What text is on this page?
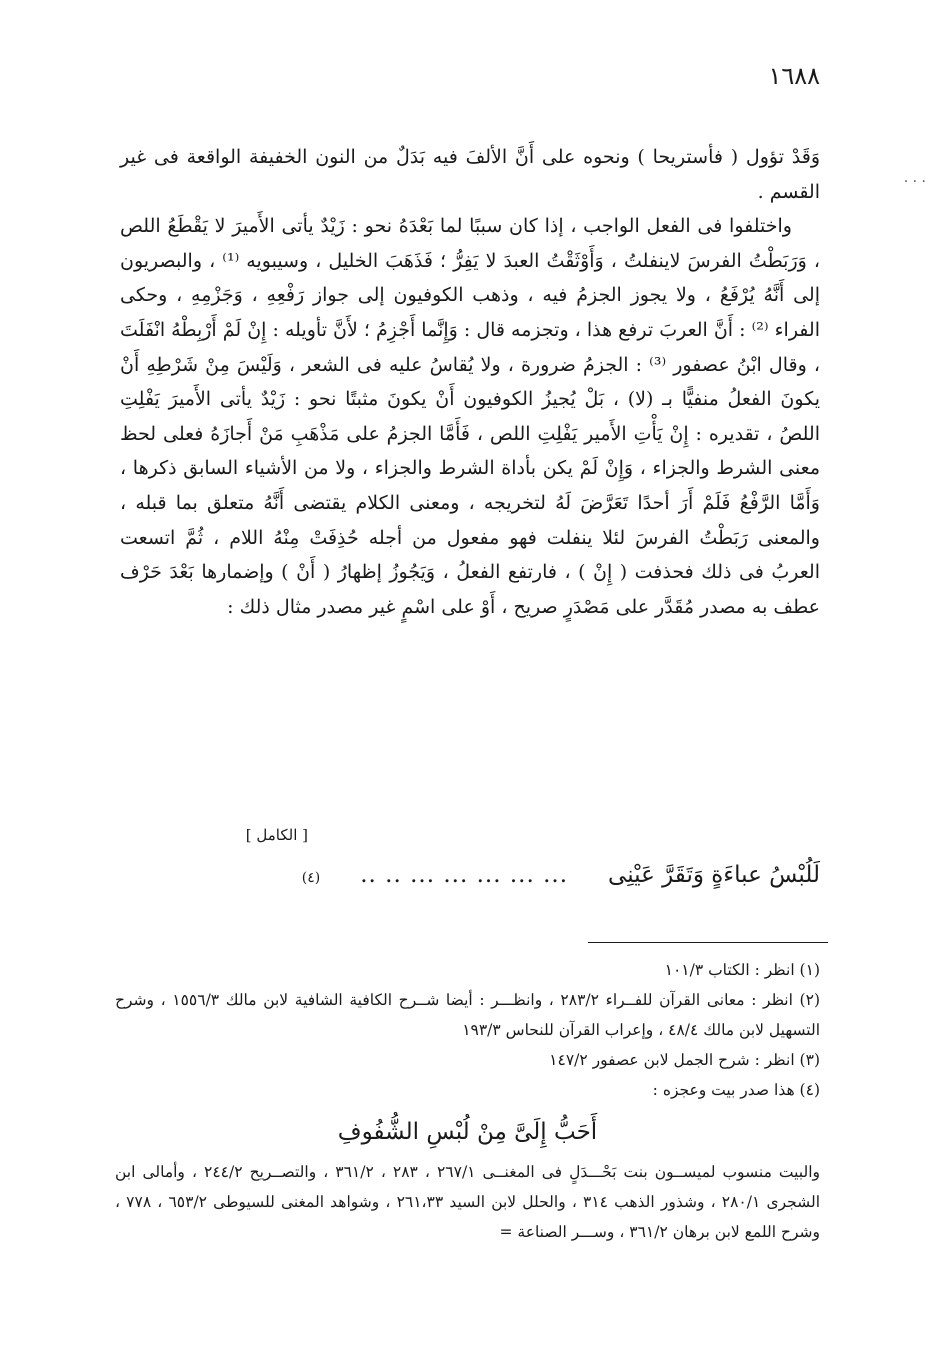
١٦٨٨
. . .

وَقَدْ تؤول ( فأستريحا ) ونحوه على أَنَّ الألفَ فيه بَدَلٌ من النون الخفيفة الواقعة فى غير القسم .

واختلفوا فى الفعل الواجب ، إذا كان سببًا لما بَعْدَهُ نحو : زَيْدٌ يأتى الأَميرَ لا يَقْطَعُ اللص ، وَرَبَطْتُ الفرسَ لاينفلتُ ، وَأَوْثَقْتُ العبدَ لا يَفِرُّ ؛ فَذَهَبَ الخليل ، وسيبويه ⁽¹⁾ ، والبصريون إلى أَنَّهُ يُرْفَعُ ، ولا يجوز الجزمُ فيه ، وذهب الكوفيون إلى جواز رَفْعِهِ ، وَجَزْمِهِ ، وحكى الفراء ⁽²⁾ : أَنَّ العربَ ترفع هذا ، وتجزمه قال : وَإِنَّما أَجْزِمُ ؛ لأَنَّ تأويله : إِنْ لَمْ أَرْبِطْهُ انْفَلَتَ ، وقال ابْنُ عصفور ⁽³⁾ : الجزمُ ضرورة ، ولا يُقاسُ عليه فى الشعر ، وَلَيْسَ مِنْ شَرْطِهِ أَنْ يكونَ الفعلُ منفيًّا بـ (لا) ، بَلْ يُجيزُ الكوفيون أَنْ يكونَ مثبتًا نحو : زَيْدٌ يأتى الأَميرَ يَفْلِتِ اللصُ ، تقديره : إِنْ يَأْتِ الأَمير يَفْلِتِ اللص ، فَأَمَّا الجزمُ على مَذْهَبِ مَنْ أَجازَهُ فعلى لحظ معنى الشرط والجزاء ، وَإِنْ لَمْ يكن بأداة الشرط والجزاء ، ولا من الأشياء السابق ذكرها ، وَأَمَّا الرَّفْعُ فَلَمْ أَرَ أحدًا تَعَرَّضَ لَهُ لتخريجه ، ومعنى الكلام يقتضى أَنَّهُ متعلق بما قبله ، والمعنى رَبَطْتُ الفرسَ لئلا ينفلت فهو مفعول من أجله حُذِفَتْ مِنْهُ اللام ، ثُمَّ اتسعت العربُ فى ذلك فحذفت ( إِنْ ) ، فارتفع الفعلُ ، وَيَجُوزُ إظهارُ ( أَنْ ) وإضمارها بَعْدَ حَرْف عطف به مصدر مُقَدَّر على مَصْدَرٍ صريح ، أَوْ على اسْمٍ غير مصدر مثال ذلك :

[ الكامل ]
لَلُبْسُ عباءَةٍ وَتَقَرَّ عَيْنِى
... ... ... ... ... .. ..
(٤)

(١) انظر : الكتاب ١٠١/٣

(٢) انظر : معانى القرآن للفــراء ٢٨٣/٢ ، وانظـــر : أيضا شــرح الكافية الشافية لابن مالك ١٥٥٦/٣ ، وشرح التسهيل لابن مالك ٤٨/٤ ، وإعراب القرآن للنحاس ١٩٣/٣

(٣) انظر : شرح الجمل لابن عصفور ١٤٧/٢

(٤) هذا صدر بيت وعجزه :

أَحَبُّ إِلَىَّ مِنْ لُبْسِ الشُّفُوفِ

والبيت منسوب لميســون بنت بَحْـــدَلٍ فى المغنــى ٢٦٧/١ ، ٢٨٣ ، ٣٦١/٢ ، والتصــريح ٢٤٤/٢ ، وأمالى ابن الشجرى ٢٨٠/١ ، وشذور الذهب ٣١٤ ، والحلل لابن السيد ٢٦١،٣٣ ، وشواهد المغنى للسيوطى ٦٥٣/٢ ، ٧٧٨ ، وشرح اللمع لابن برهان ٣٦١/٢ ، وســـر الصناعة =
